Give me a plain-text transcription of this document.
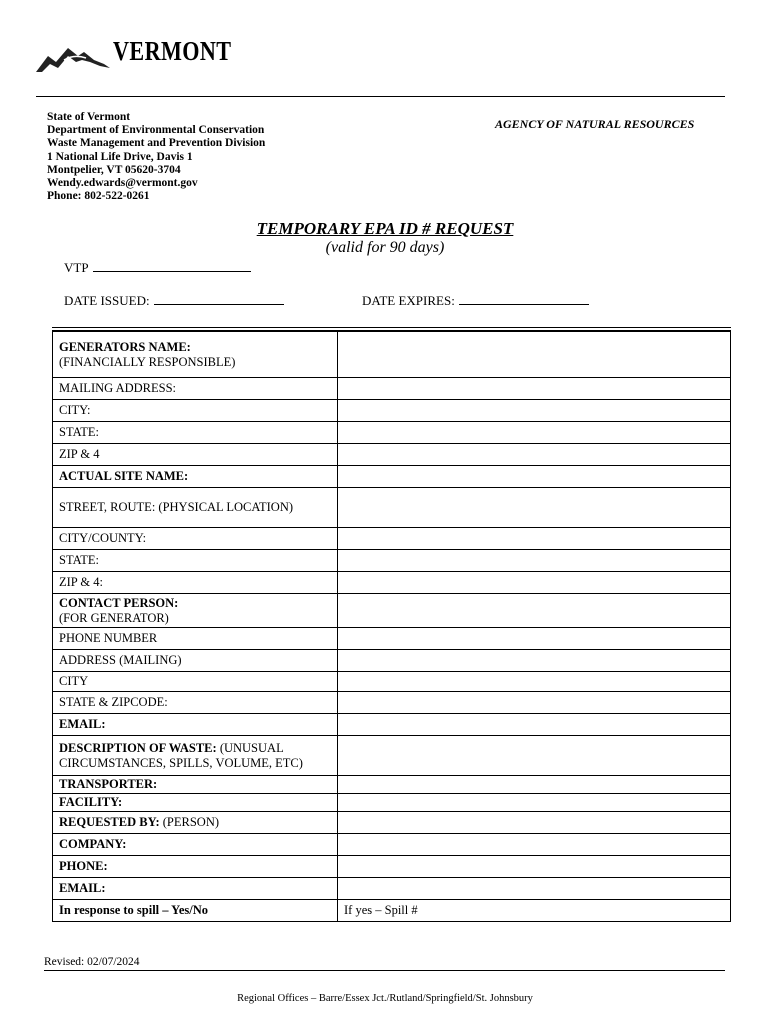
VERMONT
State of Vermont
Department of Environmental Conservation
Waste Management and Prevention Division
1 National Life Drive, Davis 1
Montpelier, VT 05620-3704
Wendy.edwards@vermont.gov
Phone: 802-522-0261
AGENCY OF NATURAL RESOURCES
TEMPORARY EPA ID # REQUEST
(valid for 90 days)
VTP
DATE ISSUED:	DATE EXPIRES:
GENERATORS NAME:
(FINANCIALLY RESPONSIBLE)	
MAILING ADDRESS:	
CITY:	
STATE:	
ZIP & 4	
ACTUAL SITE NAME:	
STREET, ROUTE: (PHYSICAL LOCATION)	
CITY/COUNTY:	
STATE:	
ZIP & 4:	
CONTACT PERSON:
(FOR GENERATOR)	
PHONE NUMBER	
ADDRESS (MAILING)	
CITY	
STATE & ZIPCODE:	
EMAIL:	
DESCRIPTION OF WASTE: (UNUSUAL CIRCUMSTANCES, SPILLS, VOLUME, ETC)	
TRANSPORTER:	
FACILITY:	
REQUESTED BY: (PERSON)	
COMPANY:	
PHONE:	
EMAIL:	
In response to spill – Yes/No	If yes – Spill #
Revised: 02/07/2024
Regional Offices – Barre/Essex Jct./Rutland/Springfield/St. Johnsbury
